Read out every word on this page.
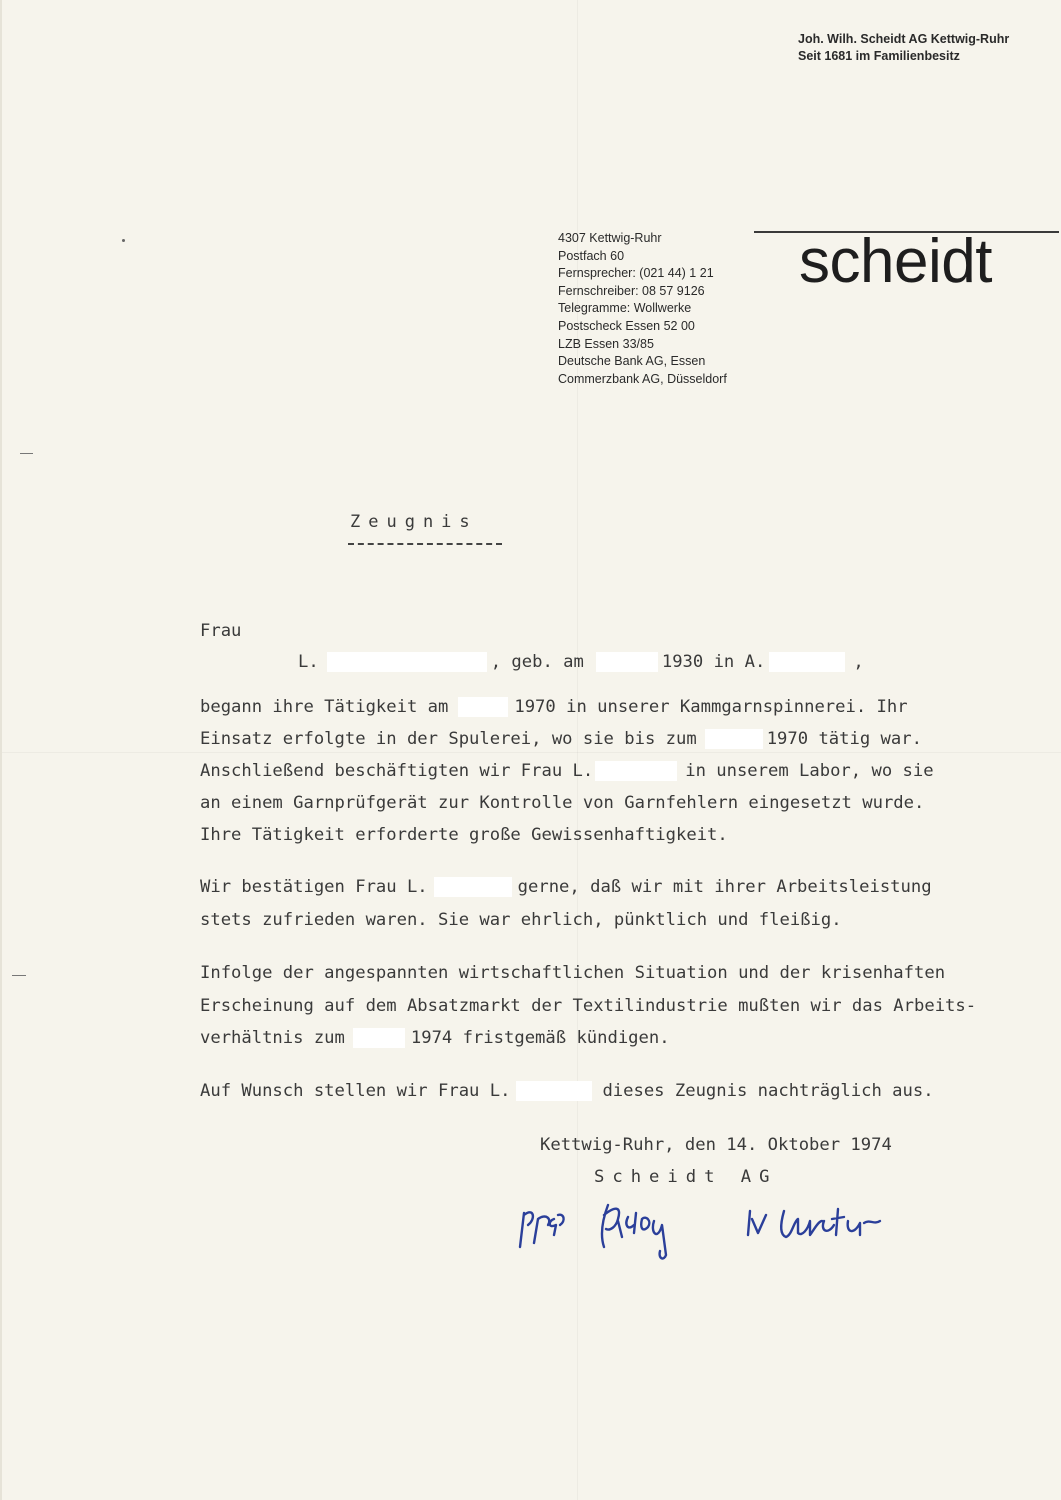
Joh. Wilh. Scheidt AG Kettwig-Ruhr
Seit 1681 im Familienbesitz
4307 Kettwig-Ruhr
Postfach 60
Fernsprecher: (021 44) 1 21
Fernschreiber: 08 57 9126
Telegramme: Wollwerke
Postscheck Essen 52 00
LZB Essen 33/85
Deutsche Bank AG, Essen
Commerzbank AG, Düsseldorf
scheidt
Zeugnis
Frau
L.	, geb. am	1930 in A.	,
begann ihre Tätigkeit am	1970 in unserer Kammgarnspinnerei. Ihr
Einsatz erfolgte in der Spulerei, wo sie bis zum	1970 tätig war.
Anschließend beschäftigten wir Frau L.	in unserem Labor, wo sie
an einem Garnprüfgerät zur Kontrolle von Garnfehlern eingesetzt wurde.
Ihre Tätigkeit erforderte große Gewissenhaftigkeit.
Wir bestätigen Frau L.	gerne, daß wir mit ihrer Arbeitsleistung
stets zufrieden waren. Sie war ehrlich, pünktlich und fleißig.
Infolge der angespannten wirtschaftlichen Situation und der krisenhaften
Erscheinung auf dem Absatzmarkt der Textilindustrie mußten wir das Arbeits-
verhältnis zum	1974 fristgemäß kündigen.
Auf Wunsch stellen wir Frau L.	dieses Zeugnis nachträglich aus.
Kettwig-Ruhr, den 14. Oktober 1974
Scheidt AG
